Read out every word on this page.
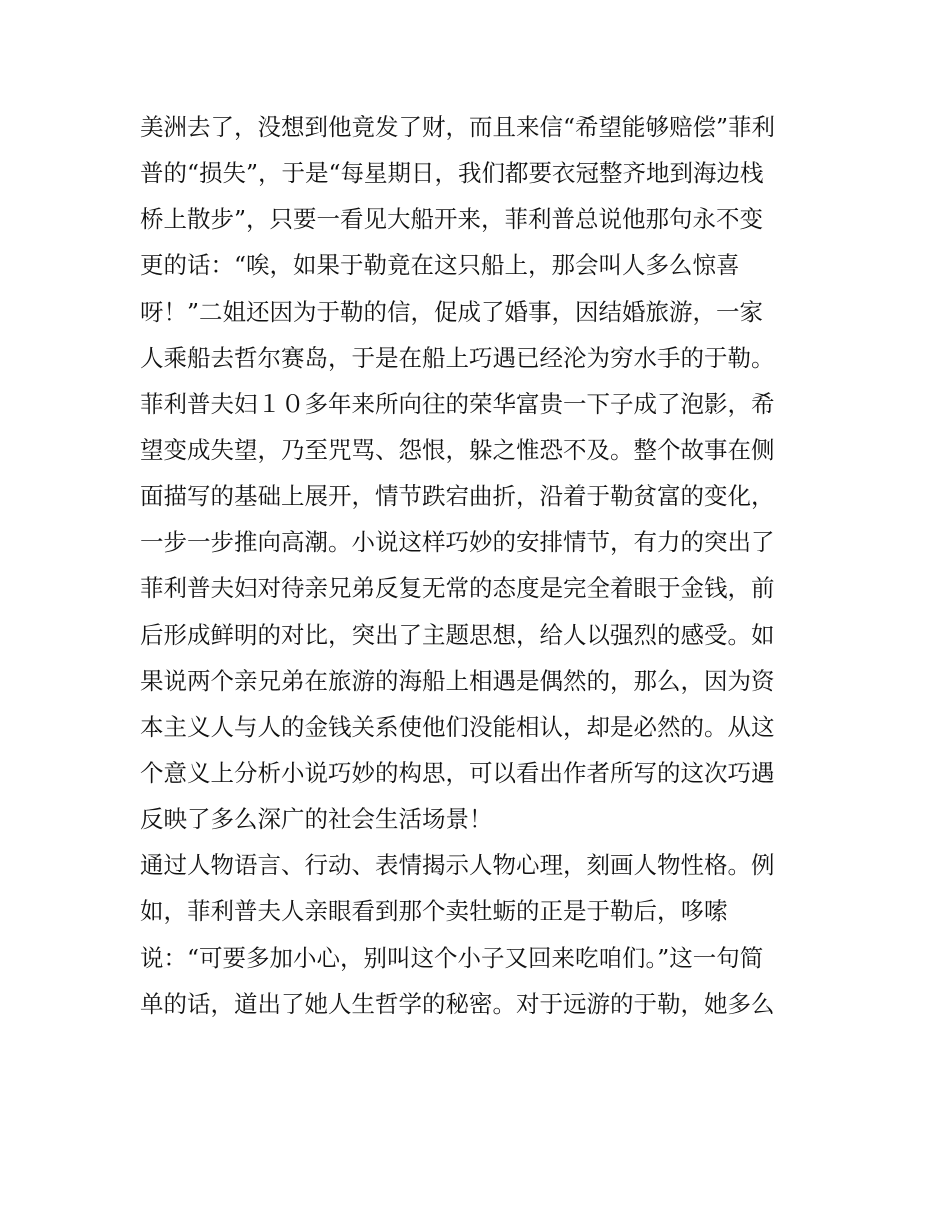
美洲去了，没想到他竟发了财，而且来信“希望能够赔偿”菲利
普的“损失”，于是“每星期日，我们都要衣冠整齐地到海边栈
桥上散步”，只要一看见大船开来，菲利普总说他那句永不变
更的话：“唉，如果于勒竟在这只船上，那会叫人多么惊喜
呀！”二姐还因为于勒的信，促成了婚事，因结婚旅游，一家
人乘船去哲尔赛岛，于是在船上巧遇已经沦为穷水手的于勒。
菲利普夫妇１０多年来所向往的荣华富贵一下子成了泡影，希
望变成失望，乃至咒骂、怨恨，躲之惟恐不及。整个故事在侧
面描写的基础上展开，情节跌宕曲折，沿着于勒贫富的变化，
一步一步推向高潮。小说这样巧妙的安排情节，有力的突出了
菲利普夫妇对待亲兄弟反复无常的态度是完全着眼于金钱，前
后形成鲜明的对比，突出了主题思想，给人以强烈的感受。如
果说两个亲兄弟在旅游的海船上相遇是偶然的，那么，因为资
本主义人与人的金钱关系使他们没能相认，却是必然的。从这
个意义上分析小说巧妙的构思，可以看出作者所写的这次巧遇
反映了多么深广的社会生活场景！
通过人物语言、行动、表情揭示人物心理，刻画人物性格。例
如，菲利普夫人亲眼看到那个卖牡蛎的正是于勒后，哆嗦
说：“可要多加小心，别叫这个小子又回来吃咱们。”这一句简
单的话，道出了她人生哲学的秘密。对于远游的于勒，她多么
